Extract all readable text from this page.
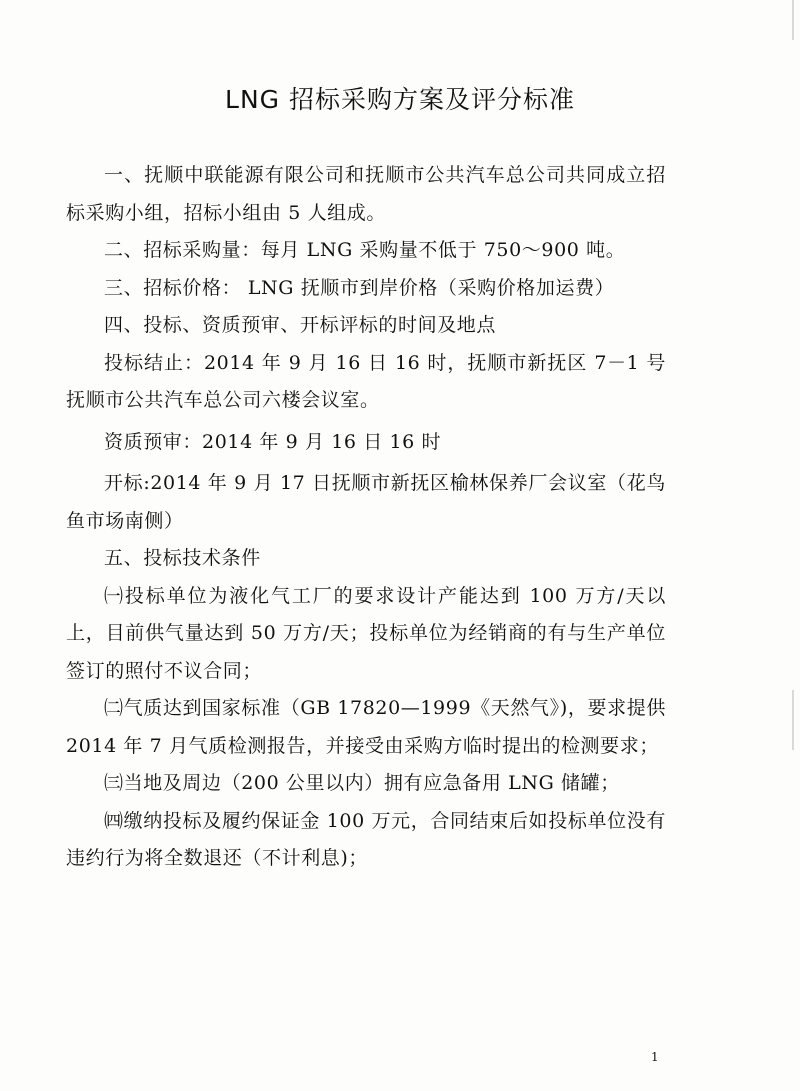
LNG 招标采购方案及评分标准

一、抚顺中联能源有限公司和抚顺市公共汽车总公司共同成立招标采购小组，招标小组由 5 人组成。

二、招标采购量：每月 LNG 采购量不低于 750～900 吨。

三、招标价格： LNG 抚顺市到岸价格（采购价格加运费）

四、投标、资质预审、开标评标的时间及地点

投标结止：2014 年 9 月 16 日 16 时，抚顺市新抚区 7－1 号抚顺市公共汽车总公司六楼会议室。

资质预审：2014 年 9 月 16 日 16 时

开标:2014 年 9 月 17 日抚顺市新抚区榆林保养厂会议室（花鸟鱼市场南侧）

五、投标技术条件

㈠投标单位为液化气工厂的要求设计产能达到 100 万方/天以上，目前供气量达到 50 万方/天；投标单位为经销商的有与生产单位签订的照付不议合同；

㈡气质达到国家标准（GB 17820—1999《天然气》)，要求提供 2014 年 7 月气质检测报告，并接受由采购方临时提出的检测要求；

㈢当地及周边（200 公里以内）拥有应急备用 LNG 储罐；

㈣缴纳投标及履约保证金 100 万元，合同结束后如投标单位没有违约行为将全数退还（不计利息)；

1
